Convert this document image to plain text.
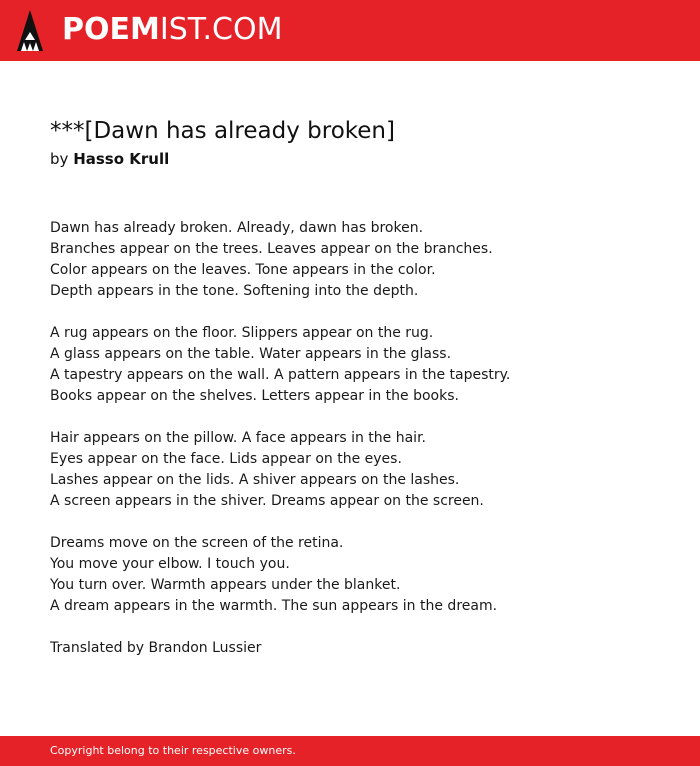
POEMIST.COM
***[Dawn has already broken]
by Hasso Krull
Dawn has already broken. Already, dawn has broken.
Branches appear on the trees. Leaves appear on the branches.
Color appears on the leaves. Tone appears in the color.
Depth appears in the tone. Softening into the depth.
A rug appears on the floor. Slippers appear on the rug.
A glass appears on the table. Water appears in the glass.
A tapestry appears on the wall. A pattern appears in the tapestry.
Books appear on the shelves. Letters appear in the books.
Hair appears on the pillow. A face appears in the hair.
Eyes appear on the face. Lids appear on the eyes.
Lashes appear on the lids. A shiver appears on the lashes.
A screen appears in the shiver. Dreams appear on the screen.
Dreams move on the screen of the retina.
You move your elbow. I touch you.
You turn over. Warmth appears under the blanket.
A dream appears in the warmth. The sun appears in the dream.
Translated by Brandon Lussier
Copyright belong to their respective owners.
